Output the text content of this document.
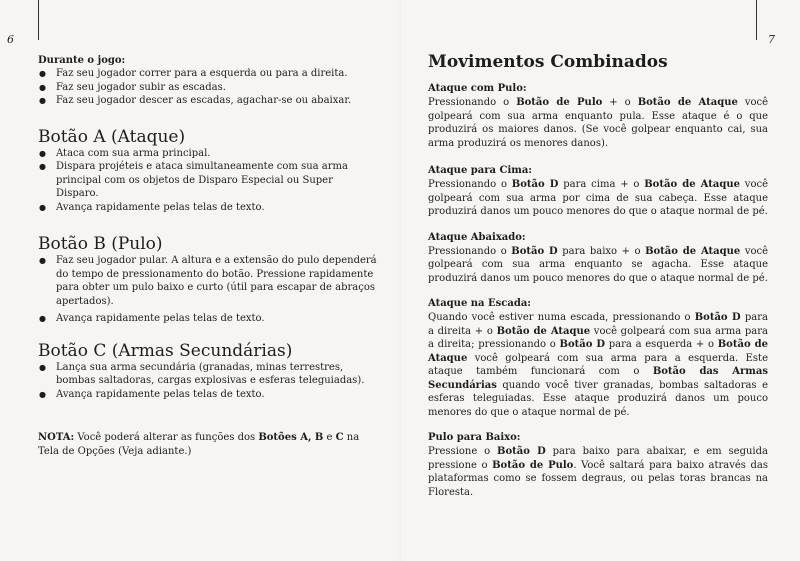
6

Durante o jogo:

● Faz seu jogador correr para a esquerda ou para a direita.
● Faz seu jogador subir as escadas.
● Faz seu jogador descer as escadas, agachar-se ou abaixar.
Botão A (Ataque)
● Ataca com sua arma principal.
● Dispara projéteis e ataca simultaneamente com sua arma principal com os objetos de Disparo Especial ou Super Disparo.
● Avança rapidamente pelas telas de texto.
Botão B (Pulo)
● Faz seu jogador pular. A altura e a extensão do pulo dependerá do tempo de pressionamento do botão. Pressione rapidamente para obter um pulo baixo e curto (útil para escapar de abraços apertados).
● Avança rapidamente pelas telas de texto.
Botão C (Armas Secundárias)
● Lança sua arma secundária (granadas, minas terrestres, bombas saltadoras, cargas explosivas e esferas teleguiadas).
● Avança rapidamente pelas telas de texto.

NOTA: Você poderá alterar as funções dos Botões A, B e C na Tela de Opções (Veja adiante.)

7
Movimentos Combinados

Ataque com Pulo:

Pressionando o Botão de Pulo + o Botão de Ataque você golpeará com sua arma enquanto pula. Esse ataque é o que produzirá os maiores danos. (Se você golpear enquanto cai, sua arma produzirá os menores danos).

Ataque para Cima:

Pressionando o Botão D para cima + o Botão de Ataque você golpeará com sua arma por cima de sua cabeça. Esse ataque produzirá danos um pouco menores do que o ataque normal de pé.

Ataque Abaixado:

Pressionando o Botão D para baixo + o Botão de Ataque você golpeará com sua arma enquanto se agacha. Esse ataque produzirá danos um pouco menores do que o ataque normal de pé.

Ataque na Escada:

Quando você estiver numa escada, pressionando o Botão D para a direita + o Botão de Ataque você golpeará com sua arma para a direita; pressionando o Botão D para a esquerda + o Botão de Ataque você golpeará com sua arma para a esquerda. Este ataque também funcionará com o Botão das Armas Secundárias quando você tiver granadas, bombas saltadoras e esferas teleguiadas. Esse ataque produzirá danos um pouco menores do que o ataque normal de pé.

Pulo para Baixo:

Pressione o Botão D para baixo para abaixar, e em seguida pressione o Botão de Pulo. Você saltará para baixo através das plataformas como se fossem degraus, ou pelas toras brancas na Floresta.
